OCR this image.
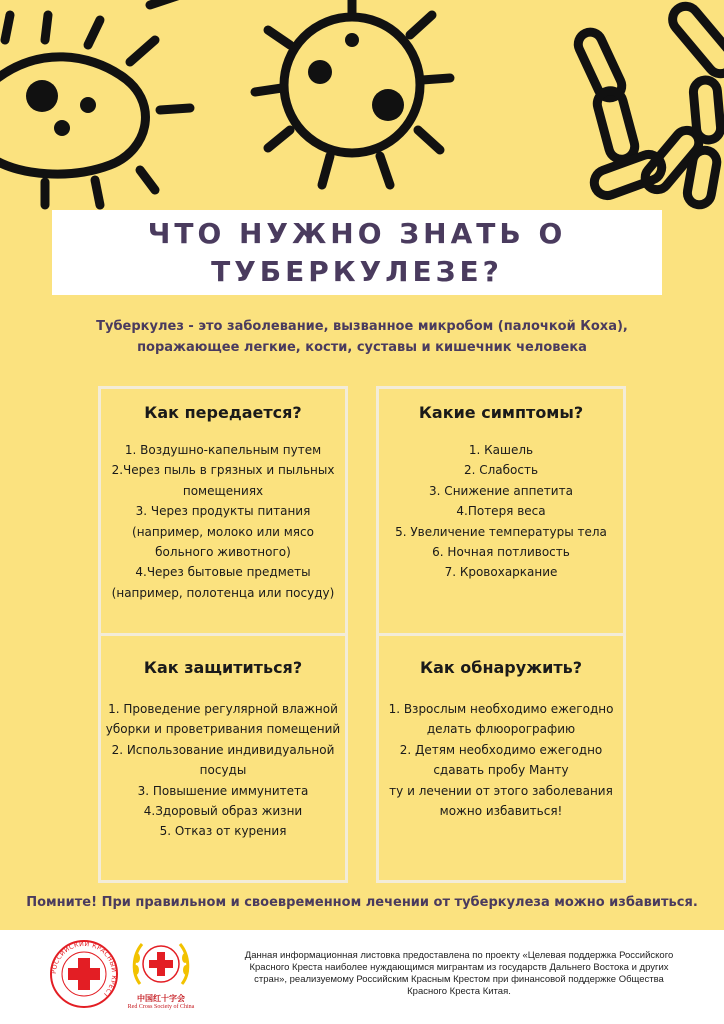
ЧТО НУЖНО ЗНАТЬ О
ТУБЕРКУЛЕЗЕ?
Туберкулез - это заболевание, вызванное микробом (палочкой Коха),
поражающее легкие, кости, суставы и кишечник человека
Как передается?
1. Воздушно-капельным путем
2.Через пыль в грязных и пыльных
помещениях
3. Через продукты питания
(например, молоко или мясо
больного животного)
4.Через бытовые предметы
(например, полотенца или посуду)
Какие симптомы?
1. Кашель
2. Слабость
3. Снижение аппетита
4.Потеря веса
5. Увеличение температуры тела
6. Ночная потливость
7. Кровохаркание
Как защититься?
1. Проведение регулярной влажной
уборки и проветривания помещений
2. Использование индивидуальной
посуды
3. Повышение иммунитета
4.Здоровый образ жизни
5. Отказ от курения
Как обнаружить?
1. Взрослым необходимо ежегодно
делать флюорографию
2. Детям необходимо ежегодно
сдавать пробу Манту
ту и лечении от этого заболевания
можно избавиться!
Помните! При правильном и своевременном лечении от туберкулеза можно избавиться.
РОССИЙСКИЙ КРАСНЫЙ КРЕСТ	中国红十字会
Red Cross Society of China
Данная информационная листовка предоставлена по проекту «Целевая поддержка Российского
Красного Креста наиболее нуждающимся мигрантам из государств Дальнего Востока и других
стран», реализуемому Российским Красным Крестом при финансовой поддержке Общества
Красного Креста Китая.
